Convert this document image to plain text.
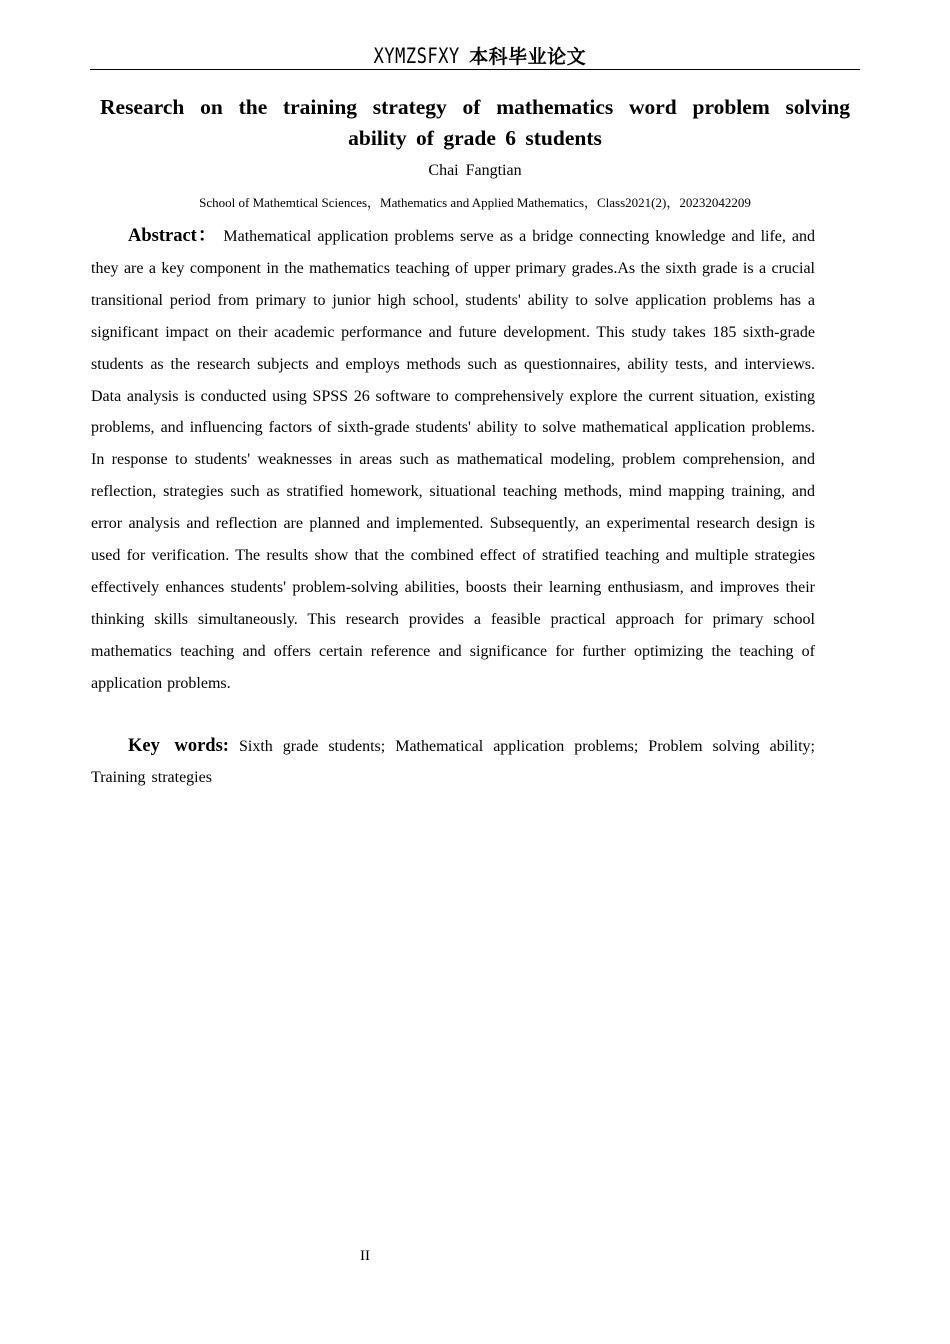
XYMZSFXY 本科毕业论文
Research on the training strategy of mathematics word problem solving
ability of grade 6 students
Chai Fangtian
School of Mathemtical Sciences，Mathematics and Applied Mathematics，Class2021(2)，20232042209
Abstract： Mathematical application problems serve as a bridge connecting knowledge and life, and they are a key component in the mathematics teaching of upper primary grades.As the sixth grade is a crucial transitional period from primary to junior high school, students' ability to solve application problems has a significant impact on their academic performance and future development. This study takes 185 sixth-grade students as the research subjects and employs methods such as questionnaires, ability tests, and interviews. Data analysis is conducted using SPSS 26 software to comprehensively explore the current situation, existing problems, and influencing factors of sixth-grade students' ability to solve mathematical application problems. In response to students' weaknesses in areas such as mathematical modeling, problem comprehension, and reflection, strategies such as stratified homework, situational teaching methods, mind mapping training, and error analysis and reflection are planned and implemented. Subsequently, an experimental research design is used for verification. The results show that the combined effect of stratified teaching and multiple strategies effectively enhances students' problem-solving abilities, boosts their learning enthusiasm, and improves their thinking skills simultaneously. This research provides a feasible practical approach for primary school mathematics teaching and offers certain reference and significance for further optimizing the teaching of application problems.
Key words: Sixth grade students; Mathematical application problems; Problem solving ability; Training strategies
II
